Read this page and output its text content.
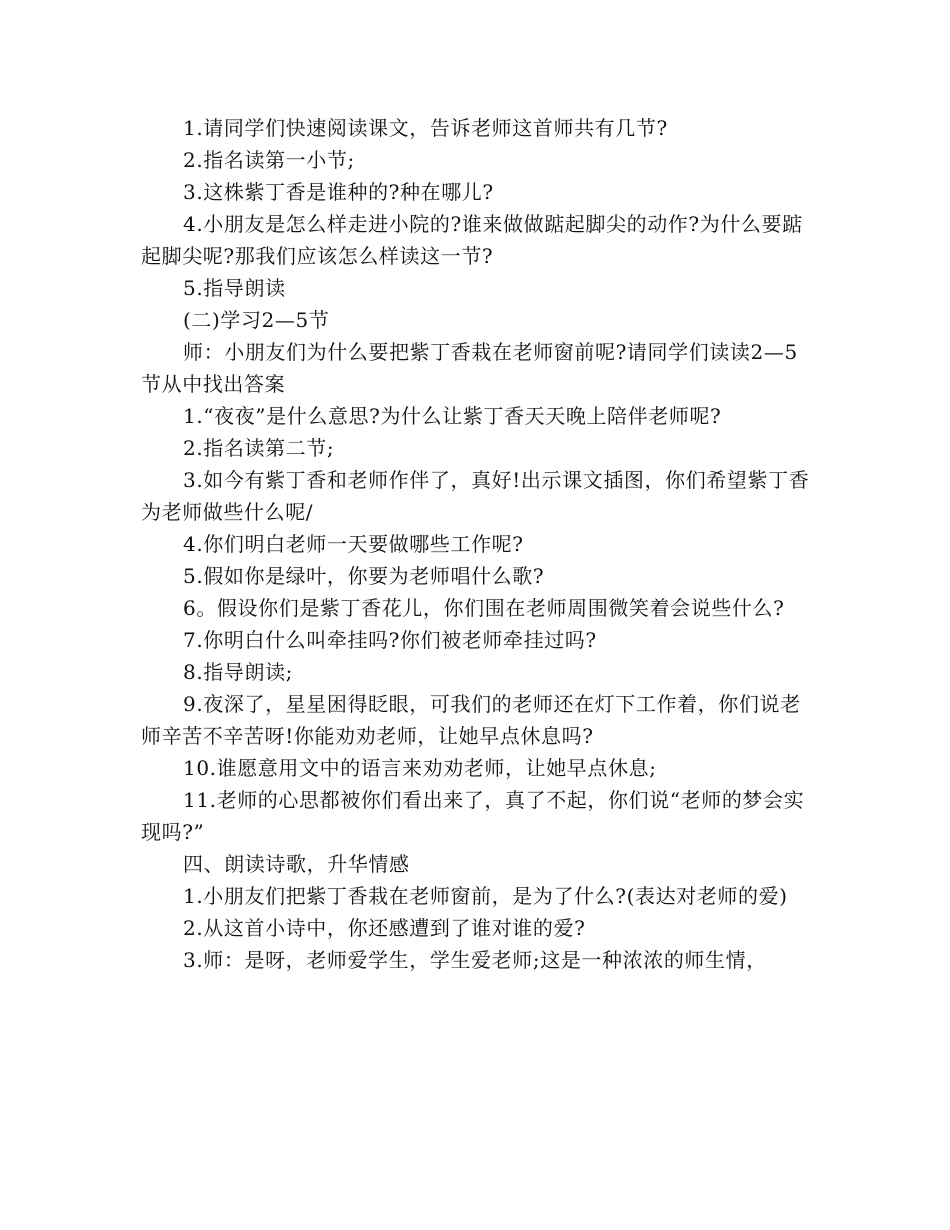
1.请同学们快速阅读课文，告诉老师这首师共有几节?

2.指名读第一小节;

3.这株紫丁香是谁种的?种在哪儿?

4.小朋友是怎么样走进小院的?谁来做做踮起脚尖的动作?为什么要踮起脚尖呢?那我们应该怎么样读这一节?

5.指导朗读

(二)学习2—5节

师：小朋友们为什么要把紫丁香栽在老师窗前呢?请同学们读读2—5节从中找出答案

1.“夜夜”是什么意思?为什么让紫丁香天天晚上陪伴老师呢?

2.指名读第二节;

3.如今有紫丁香和老师作伴了，真好!出示课文插图，你们希望紫丁香为老师做些什么呢/

4.你们明白老师一天要做哪些工作呢?

5.假如你是绿叶，你要为老师唱什么歌?

6。假设你们是紫丁香花儿，你们围在老师周围微笑着会说些什么?

7.你明白什么叫牵挂吗?你们被老师牵挂过吗?

8.指导朗读;

9.夜深了，星星困得眨眼，可我们的老师还在灯下工作着，你们说老师辛苦不辛苦呀!你能劝劝老师，让她早点休息吗?

10.谁愿意用文中的语言来劝劝老师，让她早点休息;

11.老师的心思都被你们看出来了，真了不起，你们说“老师的梦会实现吗?”

四、朗读诗歌，升华情感

1.小朋友们把紫丁香栽在老师窗前，是为了什么?(表达对老师的爱)

2.从这首小诗中，你还感遭到了谁对谁的爱?

3.师：是呀，老师爱学生，学生爱老师;这是一种浓浓的师生情，
